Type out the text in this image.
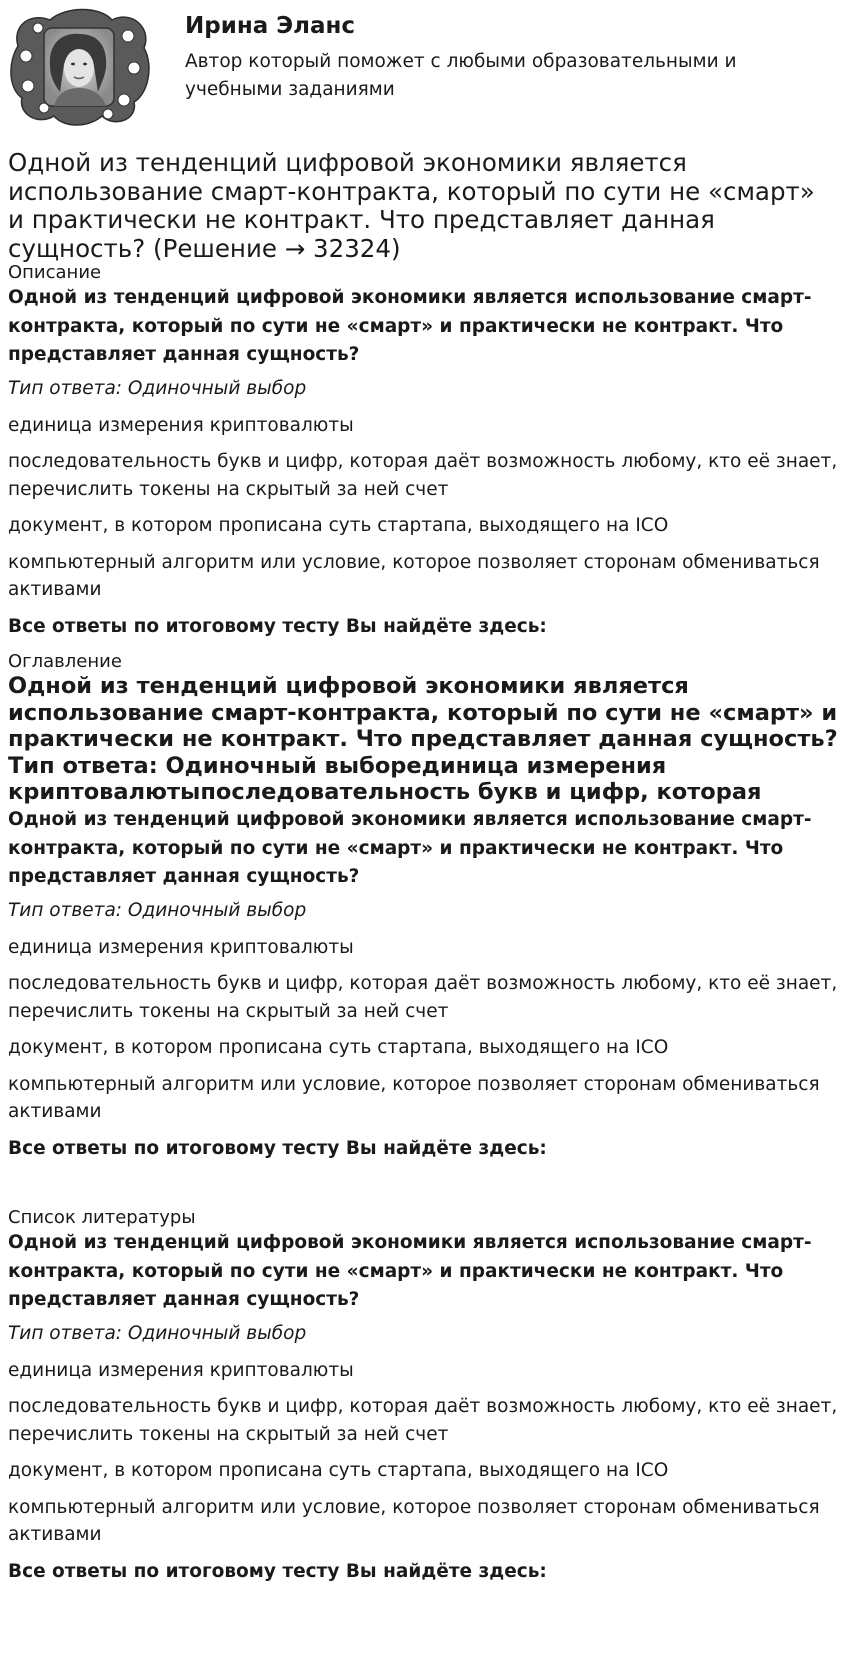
Ирина Эланс

Автор который поможет с любыми образовательными и учебными заданиями

Одной из тенденций цифровой экономики является использование смарт-контракта, который по сути не «смарт» и практически не контракт. Что представляет данная сущность? (Решение → 32324)

Описание

Одной из тенденций цифровой экономики является использование смарт-контракта, который по сути не «смарт» и практически не контракт. Что представляет данная сущность?

Тип ответа: Одиночный выбор

единица измерения криптовалюты

последовательность букв и цифр, которая даёт возможность любому, кто её знает, перечислить токены на скрытый за ней счет

документ, в котором прописана суть стартапа, выходящего на ICO

компьютерный алгоритм или условие, которое позволяет сторонам обмениваться активами

Все ответы по итоговому тесту Вы найдёте здесь:

Оглавление

Одной из тенденций цифровой экономики является использование смарт-контракта, который по сути не «смарт» и практически не контракт. Что представляет данная сущность?Тип ответа: Одиночный выборединица измерения криптовалютыпоследовательность букв и цифр, которая

Одной из тенденций цифровой экономики является использование смарт-контракта, который по сути не «смарт» и практически не контракт. Что представляет данная сущность?

Тип ответа: Одиночный выбор

единица измерения криптовалюты

последовательность букв и цифр, которая даёт возможность любому, кто её знает, перечислить токены на скрытый за ней счет

документ, в котором прописана суть стартапа, выходящего на ICO

компьютерный алгоритм или условие, которое позволяет сторонам обмениваться активами

Все ответы по итоговому тесту Вы найдёте здесь:

Список литературы

Одной из тенденций цифровой экономики является использование смарт-контракта, который по сути не «смарт» и практически не контракт. Что представляет данная сущность?

Тип ответа: Одиночный выбор

единица измерения криптовалюты

последовательность букв и цифр, которая даёт возможность любому, кто её знает, перечислить токены на скрытый за ней счет

документ, в котором прописана суть стартапа, выходящего на ICO

компьютерный алгоритм или условие, которое позволяет сторонам обмениваться активами

Все ответы по итоговому тесту Вы найдёте здесь:
